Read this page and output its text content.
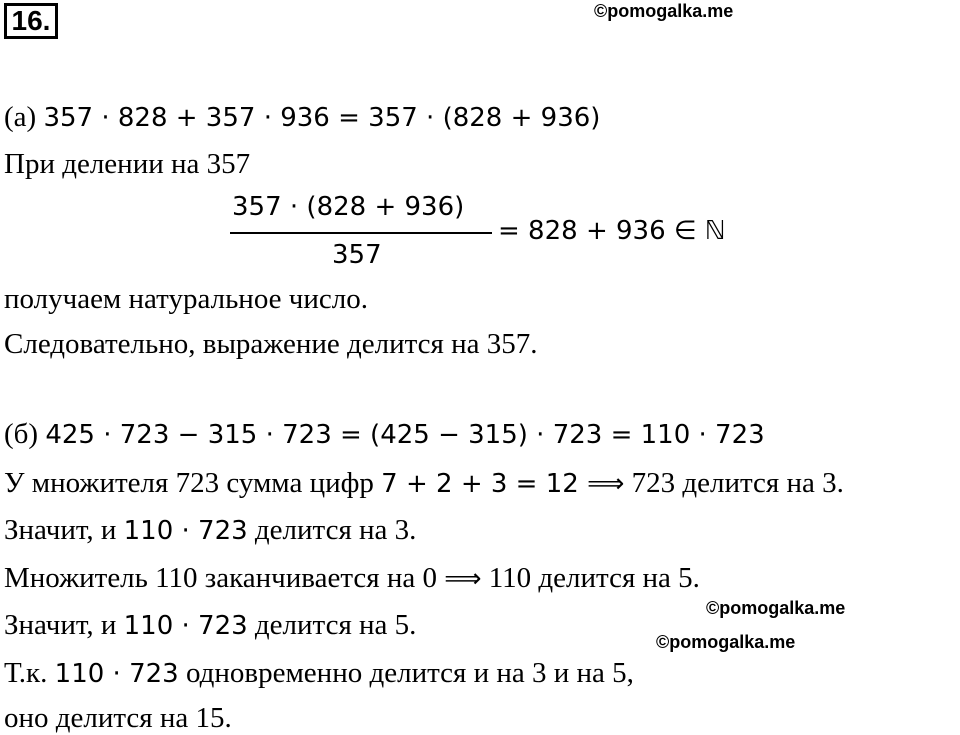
16.	©pomogalka.me
(а) 357 · 828 + 357 · 936 = 357 · (828 + 936)
При делении на 357
357 · (828 + 936)
357
= 828 + 936 ∈ ℕ
получаем натуральное число.
Следовательно, выражение делится на 357.
(б) 425 · 723 − 315 · 723 = (425 − 315) · 723 = 110 · 723
У множителя 723 сумма цифр 7 + 2 + 3 = 12 ⟹ 723 делится на 3.
Значит, и 110 · 723 делится на 3.
Множитель 110 заканчивается на 0 ⟹ 110 делится на 5.
©pomogalka.me
Значит, и 110 · 723 делится на 5.
©pomogalka.me
Т.к. 110 · 723 одновременно делится и на 3 и на 5,
оно делится на 15.
